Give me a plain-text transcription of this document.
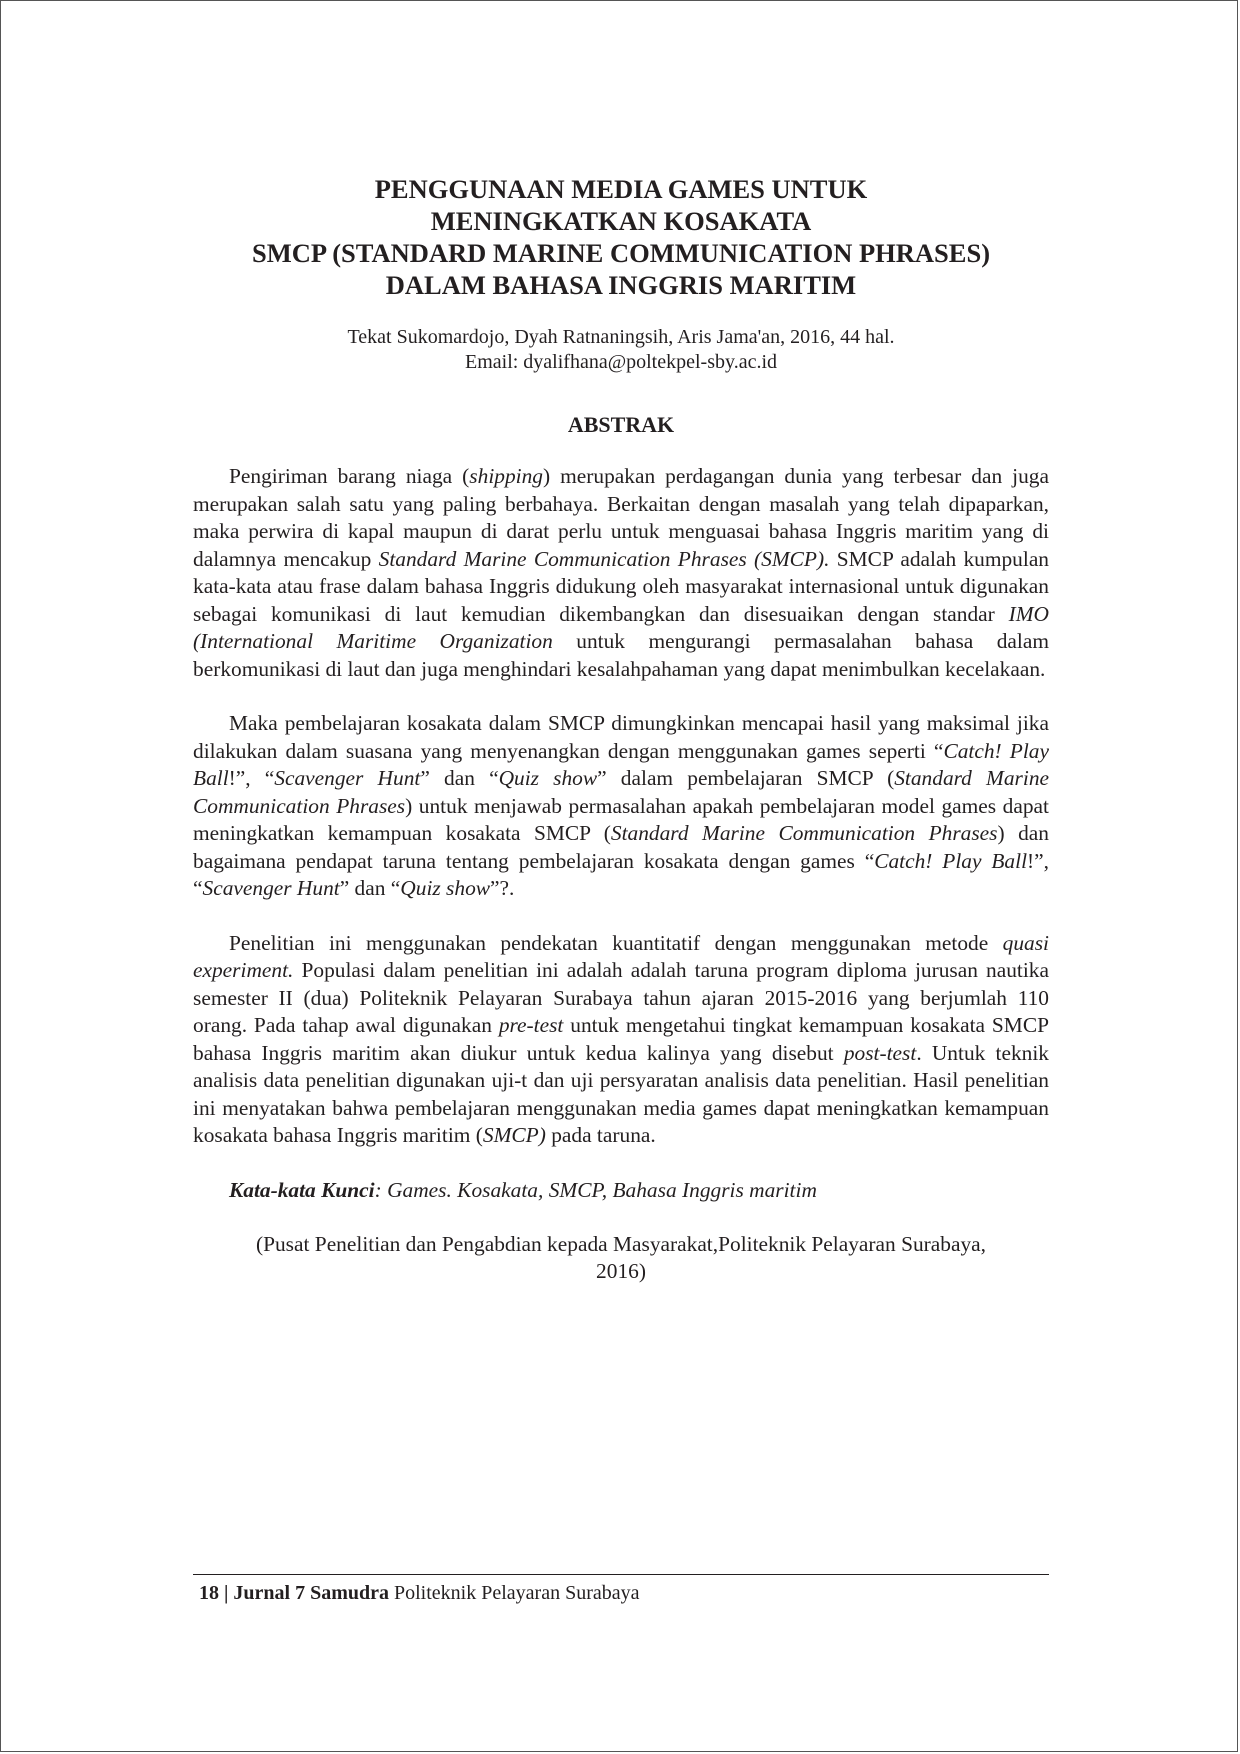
PENGGUNAAN MEDIA GAMES UNTUK
MENINGKATKAN KOSAKATA
SMCP (STANDARD MARINE COMMUNICATION PHRASES)
DALAM BAHASA INGGRIS MARITIM
Tekat Sukomardojo, Dyah Ratnaningsih, Aris Jama'an, 2016, 44 hal.
Email: dyalifhana@poltekpel-sby.ac.id
ABSTRAK

Pengiriman barang niaga (shipping) merupakan perdagangan dunia yang terbesar dan juga merupakan salah satu yang paling berbahaya. Berkaitan dengan masalah yang telah dipaparkan, maka perwira di kapal maupun di darat perlu untuk menguasai bahasa Inggris maritim yang di dalamnya mencakup Standard Marine Communication Phrases (SMCP). SMCP adalah kumpulan kata-kata atau frase dalam bahasa Inggris didukung oleh masyarakat internasional untuk digunakan sebagai komunikasi di laut kemudian dikembangkan dan disesuaikan dengan standar IMO (International Maritime Organization untuk mengurangi permasalahan bahasa dalam berkomunikasi di laut dan juga menghindari kesalahpahaman yang dapat menimbulkan kecelakaan.

Maka pembelajaran kosakata dalam SMCP dimungkinkan mencapai hasil yang maksimal jika dilakukan dalam suasana yang menyenangkan dengan menggunakan games seperti “Catch! Play Ball!”, “Scavenger Hunt” dan “Quiz show” dalam pembelajaran SMCP (Standard Marine Communication Phrases) untuk menjawab permasalahan apakah pembelajaran model games dapat meningkatkan kemampuan kosakata SMCP (Standard Marine Communication Phrases) dan bagaimana pendapat taruna tentang pembelajaran kosakata dengan games “Catch! Play Ball!”, “Scavenger Hunt” dan “Quiz show”?.

Penelitian ini menggunakan pendekatan kuantitatif dengan menggunakan metode quasi experiment. Populasi dalam penelitian ini adalah adalah taruna program diploma jurusan nautika semester II (dua) Politeknik Pelayaran Surabaya tahun ajaran 2015-2016 yang berjumlah 110 orang. Pada tahap awal digunakan pre-test untuk mengetahui tingkat kemampuan kosakata SMCP bahasa Inggris maritim akan diukur untuk kedua kalinya yang disebut post-test. Untuk teknik analisis data penelitian digunakan uji-t dan uji persyaratan analisis data penelitian. Hasil penelitian ini menyatakan bahwa pembelajaran menggunakan media games dapat meningkatkan kemampuan kosakata bahasa Inggris maritim (SMCP) pada taruna.

Kata-kata Kunci: Games. Kosakata, SMCP, Bahasa Inggris maritim
(Pusat Penelitian dan Pengabdian kepada Masyarakat,Politeknik Pelayaran Surabaya,
2016)
18 | Jurnal 7 Samudra Politeknik Pelayaran Surabaya
